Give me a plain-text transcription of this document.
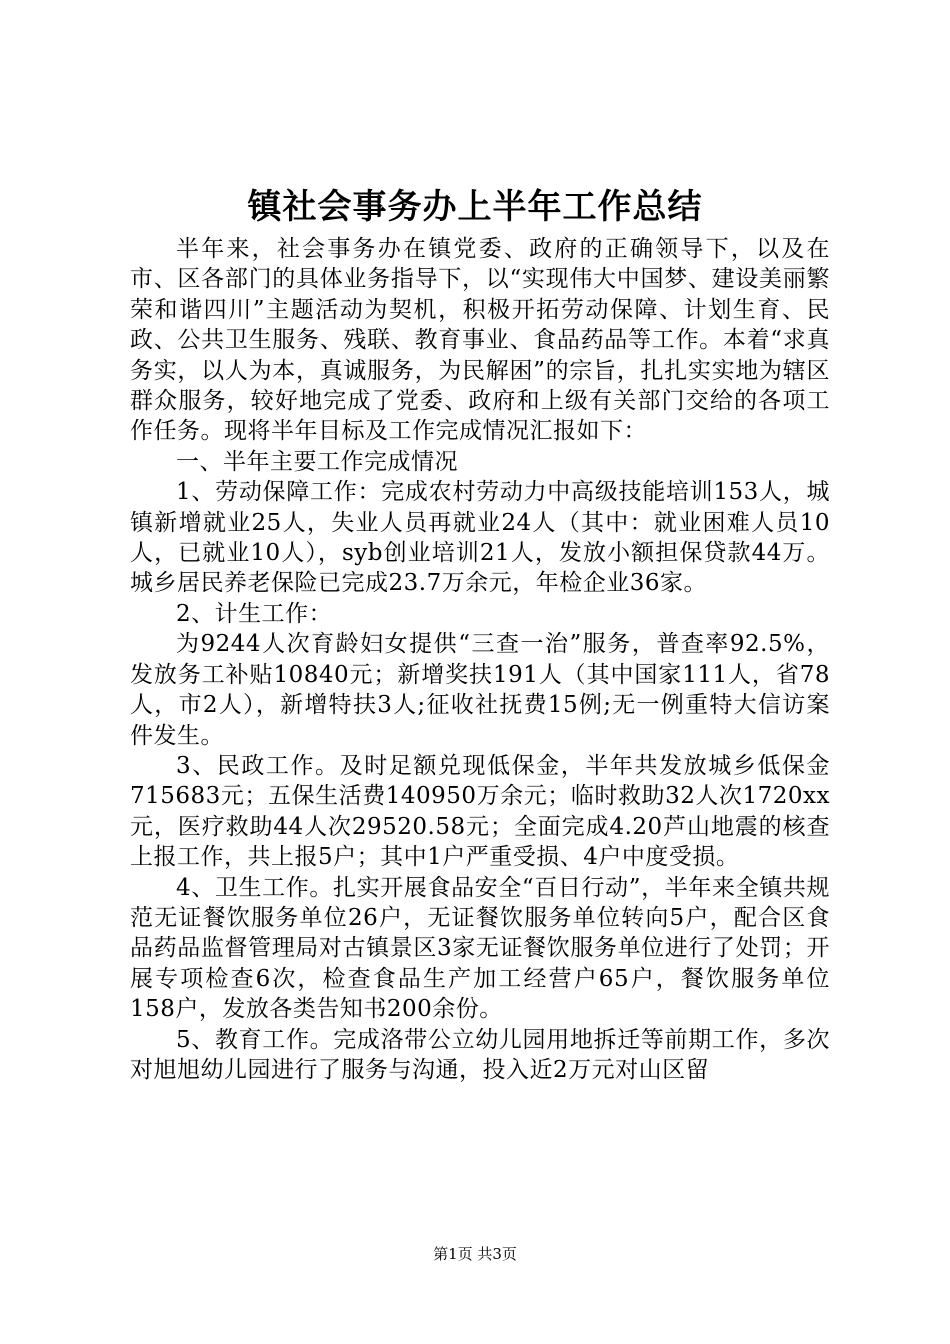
镇社会事务办上半年工作总结

半年来，社会事务办在镇党委、政府的正确领导下，以及在市、区各部门的具体业务指导下，以“实现伟大中国梦、建设美丽繁荣和谐四川”主题活动为契机，积极开拓劳动保障、计划生育、民政、公共卫生服务、残联、教育事业、食品药品等工作。本着“求真务实，以人为本，真诚服务，为民解困”的宗旨，扎扎实实地为辖区群众服务，较好地完成了党委、政府和上级有关部门交给的各项工作任务。现将半年目标及工作完成情况汇报如下：

一、半年主要工作完成情况

1、劳动保障工作：完成农村劳动力中高级技能培训153人，城镇新增就业25人，失业人员再就业24人（其中：就业困难人员10人，已就业10人），syb创业培训21人，发放小额担保贷款44万。城乡居民养老保险已完成23.7万余元，年检企业36家。

2、计生工作：

为9244人次育龄妇女提供“三查一治”服务，普查率92.5%，发放务工补贴10840元；新增奖扶191人（其中国家111人，省78人，市2人），新增特扶3人;征收社抚费15例;无一例重特大信访案件发生。

3、民政工作。及时足额兑现低保金，半年共发放城乡低保金715683元；五保生活费140950万余元；临时救助32人次1720xx元，医疗救助44人次29520.58元；全面完成4.20芦山地震的核查上报工作，共上报5户；其中1户严重受损、4户中度受损。

4、卫生工作。扎实开展食品安全“百日行动”，半年来全镇共规范无证餐饮服务单位26户，无证餐饮服务单位转向5户，配合区食品药品监督管理局对古镇景区3家无证餐饮服务单位进行了处罚；开展专项检查6次，检查食品生产加工经营户65户，餐饮服务单位158户，发放各类告知书200余份。

5、教育工作。完成洛带公立幼儿园用地拆迁等前期工作，多次对旭旭幼儿园进行了服务与沟通，投入近2万元对山区留

第1页 共3页
